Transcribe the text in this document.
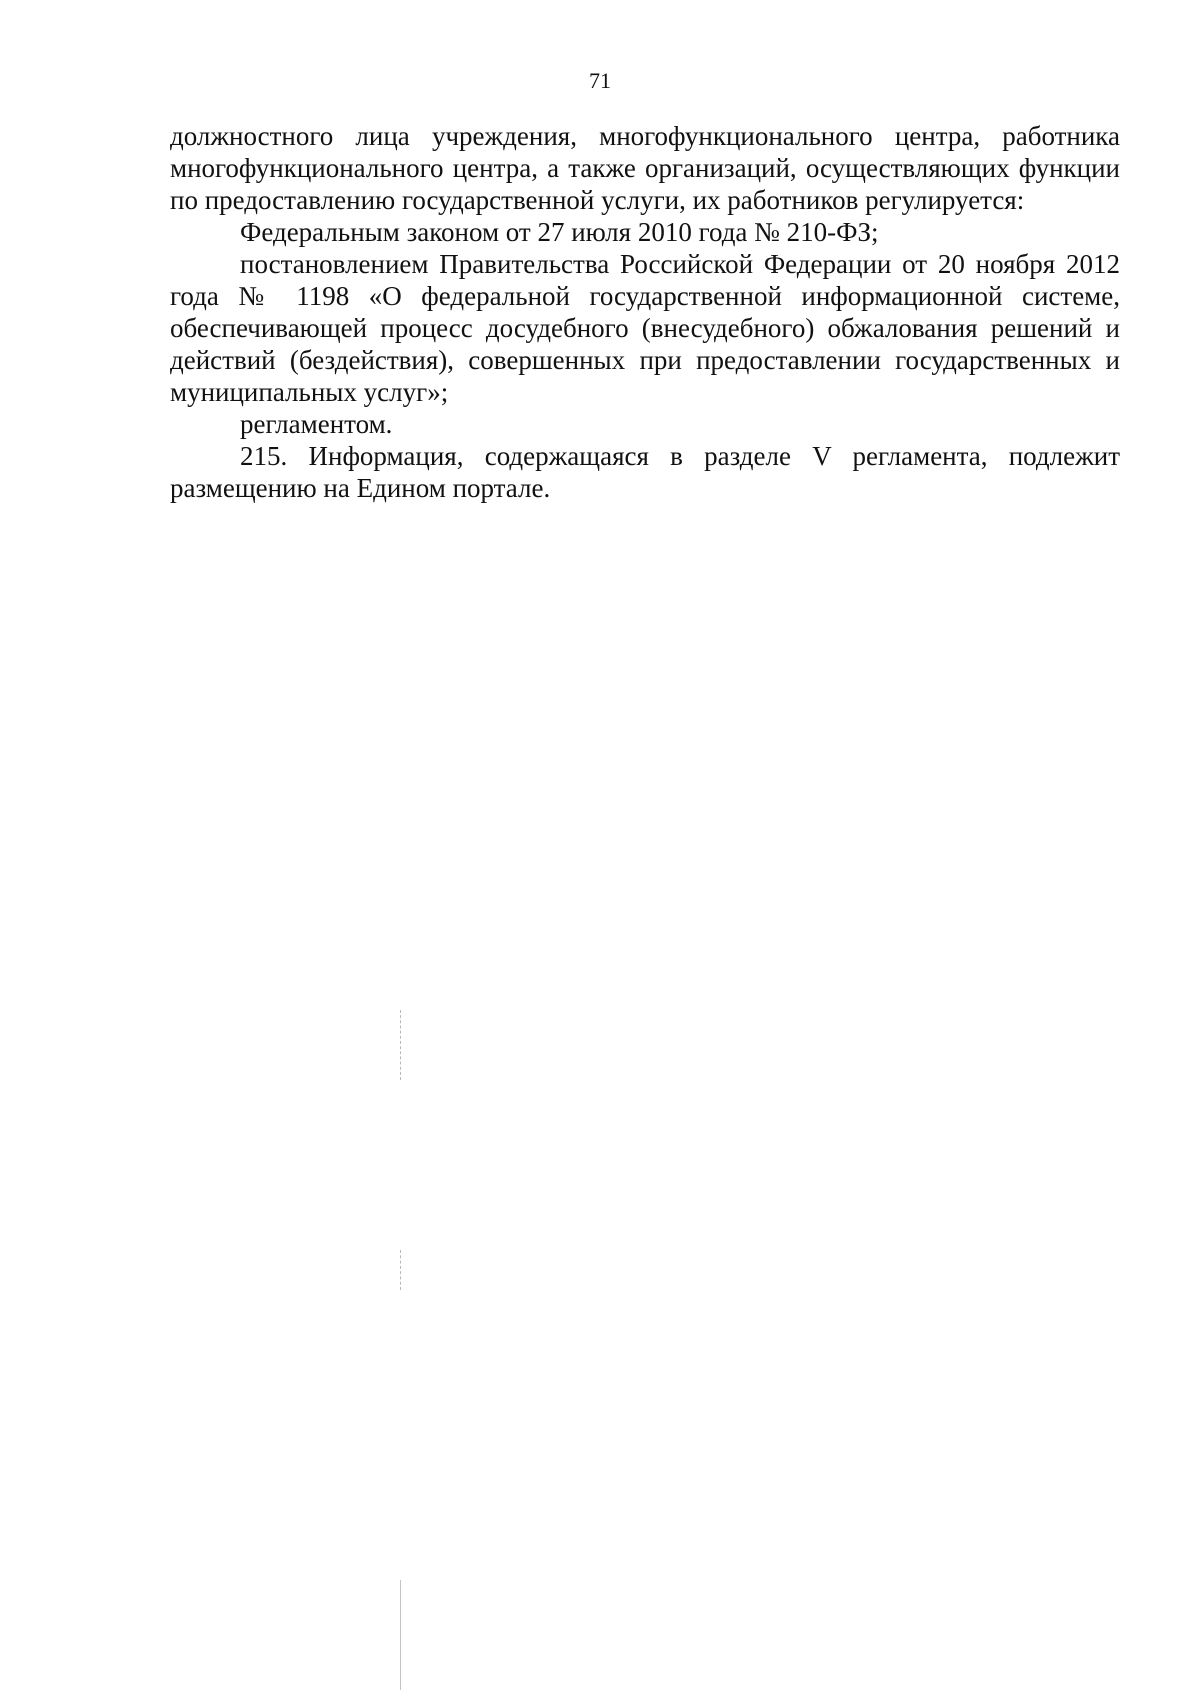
71

должностного лица учреждения, многофункционального центра, работника многофункционального центра, а также организаций, осуществляющих функции по предоставлению государственной услуги, их работников регулируется:

Федеральным законом от 27 июля 2010 года № 210-ФЗ;

постановлением Правительства Российской Федерации от 20 ноября 2012 года № 1198 «О федеральной государственной информационной системе, обеспечивающей процесс досудебного (внесудебного) обжалования решений и действий (бездействия), совершенных при предоставлении государственных и муниципальных услуг»;

регламентом.

215. Информация, содержащаяся в разделе V регламента, подлежит размещению на Едином портале.
